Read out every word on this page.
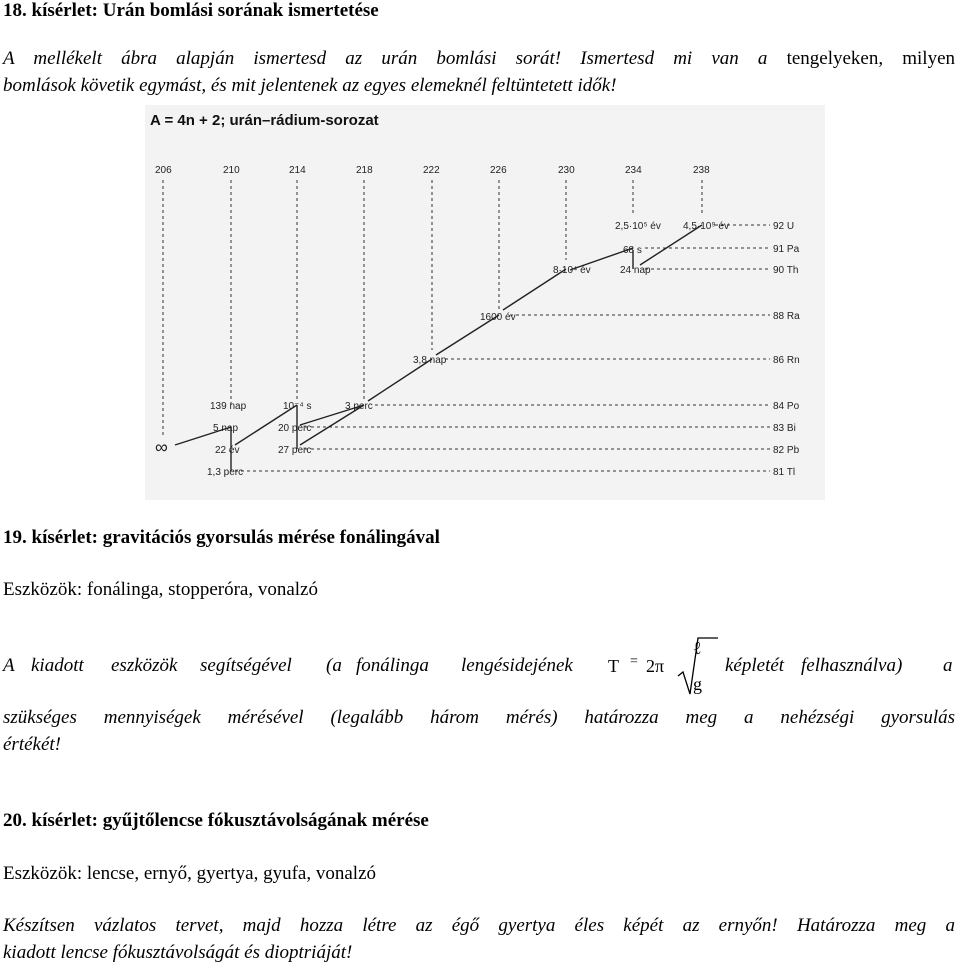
18. kísérlet: Urán bomlási sorának ismertetése

A mellékelt ábra alapján ismertesd az urán bomlási sorát! Ismertesd mi van a tengelyeken, milyen

bomlások követik egymást, és mit jelentenek az egyes elemeknél feltüntetett idők!

A = 4n + 2; urán–rádium-sorozat
206	210	214	218	222	226	230	234	238
92 U
91 Pa
90 Th
88 Ra
86 Rn
84 Po
83 Bi
82 Pb
81 Tl
2,5·10⁵ év 4,5·10⁹ év
68 s
8·10⁴ év	24 nap
1600 év
3,8 nap
3 perc
139 nap	10⁻⁴ s
5 nap	20 perc
22 év	27 perc
1,3 perc
∞
19. kísérlet: gravitációs gyorsulás mérése fonálingával

Eszközök: fonálinga, stopperóra, vonalzó

A kiadott eszközök segítségével (a fonálinga lengésidejének	képletét felhasználva) a
T = 2π
ℓ
g

szükséges mennyiségek mérésével (legalább három mérés) határozza meg a nehézségi gyorsulás

értékét!

20. kísérlet: gyűjtőlencse fókusztávolságának mérése

Eszközök: lencse, ernyő, gyertya, gyufa, vonalzó

Készítsen vázlatos tervet, majd hozza létre az égő gyertya éles képét az ernyőn! Határozza meg a

kiadott lencse fókusztávolságát és dioptriáját!
